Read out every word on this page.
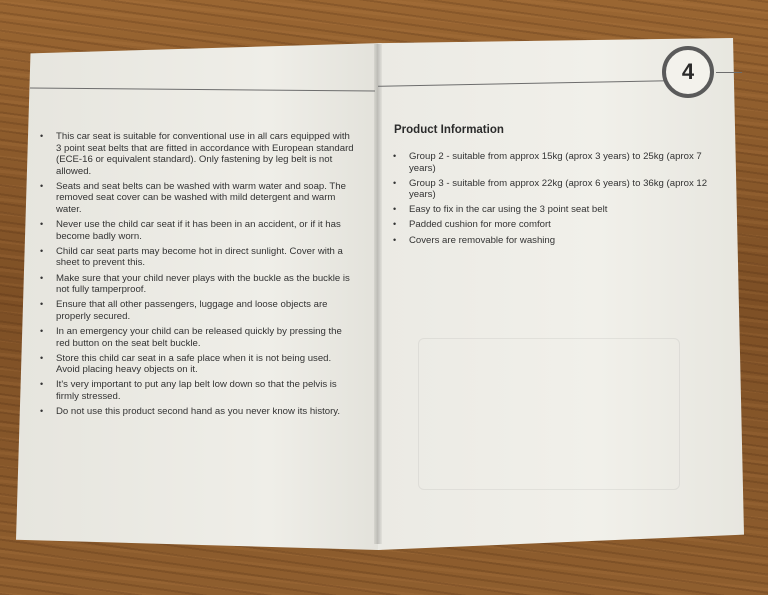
4
• This car seat is suitable for conventional use in all cars equipped with 3 point seat belts that are fitted in accordance with European standard (ECE-16 or equivalent standard). Only fastening by leg belt is not allowed.
• Seats and seat belts can be washed with warm water and soap. The removed seat cover can be washed with mild detergent and warm water.
• Never use the child car seat if it has been in an accident, or if it has become badly worn.
• Child car seat parts may become hot in direct sunlight. Cover with a sheet to prevent this.
• Make sure that your child never plays with the buckle as the buckle is not fully tamperproof.
• Ensure that all other passengers, luggage and loose objects are properly secured.
• In an emergency your child can be released quickly by pressing the red button on the seat belt buckle.
• Store this child car seat in a safe place when it is not being used. Avoid placing heavy objects on it.
• It's very important to put any lap belt low down so that the pelvis is firmly stressed.
• Do not use this product second hand as you never know its history.
Product Information
• Group 2 - suitable from approx 15kg (aprox 3 years) to 25kg (aprox 7 years)
• Group 3 - suitable from approx 22kg (aprox 6 years) to 36kg (aprox 12 years)
• Easy to fix in the car using the 3 point seat belt
• Padded cushion for more comfort
• Covers are removable for washing
